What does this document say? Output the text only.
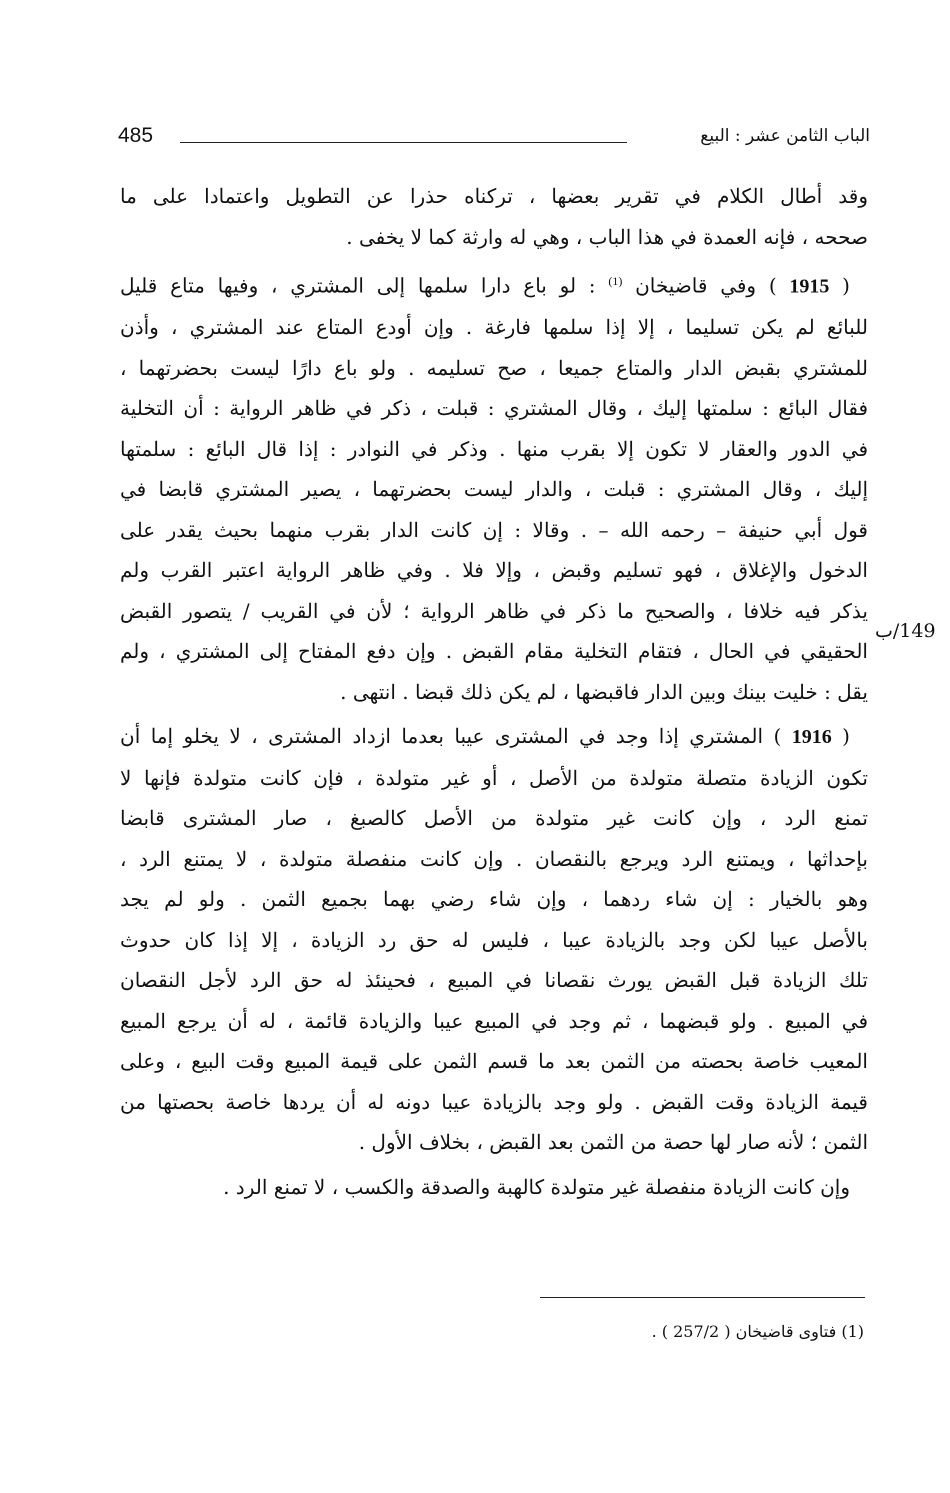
الباب الثامن عشر : البيع
485
وقد أطال الكلام في تقرير بعضها ، تركناه حذرا عن التطويل واعتمادا على ما
صححه ، فإنه العمدة في هذا الباب ، وهي له وارثة كما لا يخفى .
( 1915 ) وفي قاضيخان $^{(1)}$ : لو باع دارا سلمها إلى المشتري ، وفيها متاع قليل
للبائع لم يكن تسليما ، إلا إذا سلمها فارغة . وإن أودع المتاع عند المشتري ، وأذن
للمشتري بقبض الدار والمتاع جميعا ، صح تسليمه . ولو باع دارًا ليست بحضرتهما ،
فقال البائع : سلمتها إليك ، وقال المشتري : قبلت ، ذكر في ظاهر الرواية : أن التخلية
في الدور والعقار لا تكون إلا بقرب منها . وذكر في النوادر : إذا قال البائع : سلمتها
إليك ، وقال المشتري : قبلت ، والدار ليست بحضرتهما ، يصير المشتري قابضا في
قول أبي حنيفة – رحمه الله – . وقالا : إن كانت الدار بقرب منهما بحيث يقدر على
الدخول والإغلاق ، فهو تسليم وقبض ، وإلا فلا . وفي ظاهر الرواية اعتبر القرب ولم
يذكر فيه خلافا ، والصحيح ما ذكر في ظاهر الرواية ؛ لأن في القريب / يتصور القبض
الحقيقي في الحال ، فتقام التخلية مقام القبض . وإن دفع المفتاح إلى المشتري ، ولم
يقل : خليت بينك وبين الدار فاقبضها ، لم يكن ذلك قبضا . انتهى .
( 1916 ) المشتري إذا وجد في المشترى عيبا بعدما ازداد المشترى ، لا يخلو إما أن
تكون الزيادة متصلة متولدة من الأصل ، أو غير متولدة ، فإن كانت متولدة فإنها لا
تمنع الرد ، وإن كانت غير متولدة من الأصل كالصبغ ، صار المشترى قابضا
بإحداثها ، ويمتنع الرد ويرجع بالنقصان . وإن كانت منفصلة متولدة ، لا يمتنع الرد ،
وهو بالخيار : إن شاء ردهما ، وإن شاء رضي بهما بجميع الثمن . ولو لم يجد
بالأصل عيبا لكن وجد بالزيادة عيبا ، فليس له حق رد الزيادة ، إلا إذا كان حدوث
تلك الزيادة قبل القبض يورث نقصانا في المبيع ، فحينئذ له حق الرد لأجل النقصان
في المبيع . ولو قبضهما ، ثم وجد في المبيع عيبا والزيادة قائمة ، له أن يرجع المبيع
المعيب خاصة بحصته من الثمن بعد ما قسم الثمن على قيمة المبيع وقت البيع ، وعلى
قيمة الزيادة وقت القبض . ولو وجد بالزيادة عيبا دونه له أن يردها خاصة بحصتها من
الثمن ؛ لأنه صار لها حصة من الثمن بعد القبض ، بخلاف الأول .
وإن كانت الزيادة منفصلة غير متولدة كالهبة والصدقة والكسب ، لا تمنع الرد .
149/ب
(1) فتاوى قاضيخان ( 257/2 ) .
